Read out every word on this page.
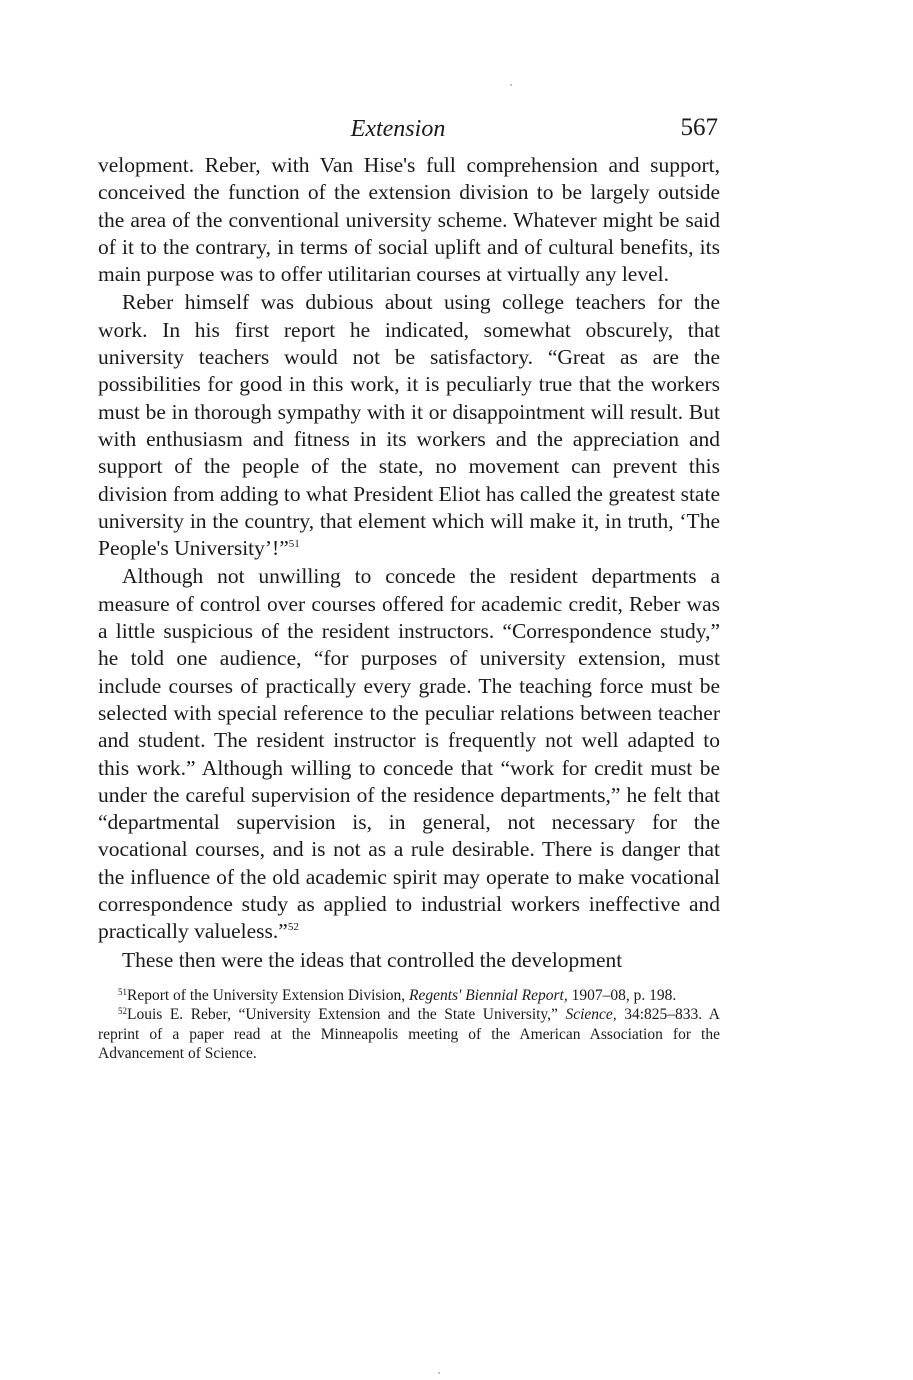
Extension	567

velopment. Reber, with Van Hise's full comprehension and support, conceived the function of the extension division to be largely outside the area of the conventional university scheme. Whatever might be said of it to the contrary, in terms of social uplift and of cultural benefits, its main purpose was to offer utilitarian courses at virtually any level.

Reber himself was dubious about using college teachers for the work. In his first report he indicated, somewhat obscurely, that university teachers would not be satisfactory. “Great as are the possibilities for good in this work, it is peculiarly true that the workers must be in thorough sympathy with it or disappointment will result. But with enthusiasm and fitness in its workers and the appreciation and support of the people of the state, no movement can prevent this division from adding to what President Eliot has called the greatest state university in the country, that element which will make it, in truth, ‘The People's University’!”$^{51}$

Although not unwilling to concede the resident departments a measure of control over courses offered for academic credit, Reber was a little suspicious of the resident instructors. “Correspondence study,” he told one audience, “for purposes of university extension, must include courses of practically every grade. The teaching force must be selected with special reference to the peculiar relations between teacher and student. The resident instructor is frequently not well adapted to this work.” Although willing to concede that “work for credit must be under the careful supervision of the residence departments,” he felt that “departmental supervision is, in general, not necessary for the vocational courses, and is not as a rule desirable. There is danger that the influence of the old academic spirit may operate to make vocational correspondence study as applied to industrial workers ineffective and practically valueless.”$^{52}$

These then were the ideas that controlled the development

$^{51}$Report of the University Extension Division, Regents' Biennial Report, 1907–08, p. 198.

$^{52}$Louis E. Reber, “University Extension and the State University,” Science, 34:825–833. A reprint of a paper read at the Minneapolis meeting of the American Association for the Advancement of Science.
